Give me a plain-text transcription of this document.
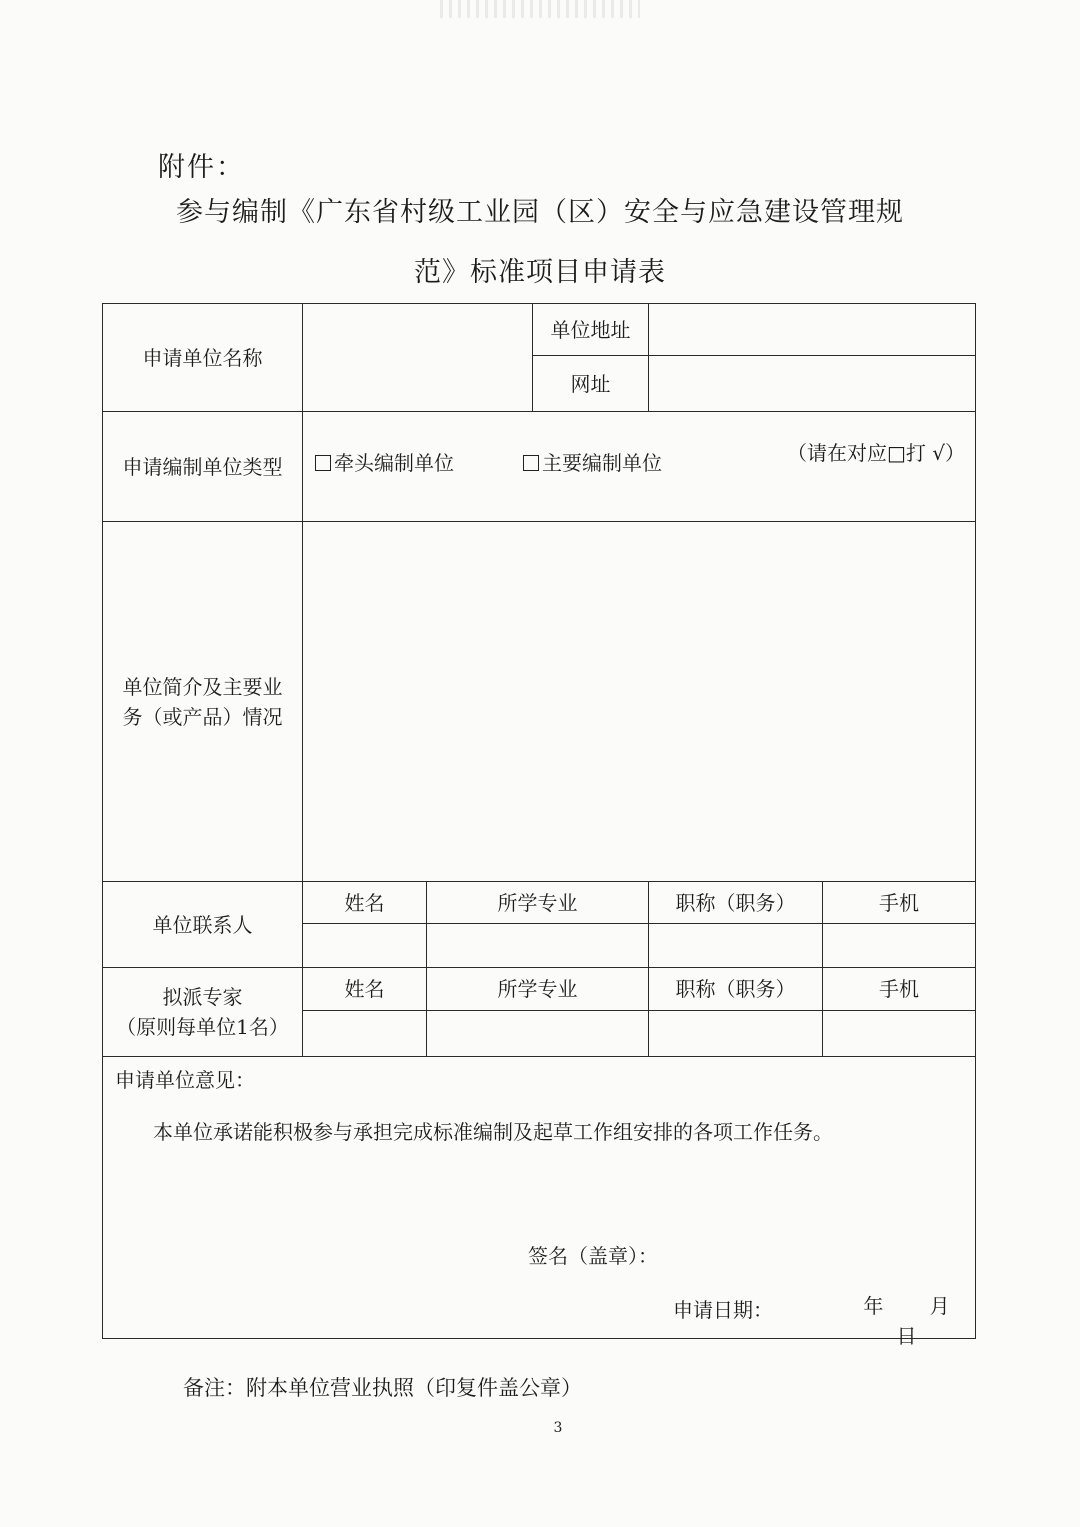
附件：
参与编制《广东省村级工业园（区）安全与应急建设管理规
范》标准项目申请表
申请单位名称			单位地址		
			网址		
申请编制单位类型	牵头编制单位 主要编制单位 （请在对应□打 √）				

单位简介及主要业
务（或产品）情况					

单位联系人	姓名	所学专业		职称（职务）	手机

拟派专家
（原则每单位1名）	姓名	所学专业		职称（职务）	手机

申请单位意见：
本单位承诺能积极参与承担完成标准编制及起草工作组安排的各项工作任务。
签名（盖章）：
申请日期： 年 月 日					
备注：附本单位营业执照（印复件盖公章）
3
